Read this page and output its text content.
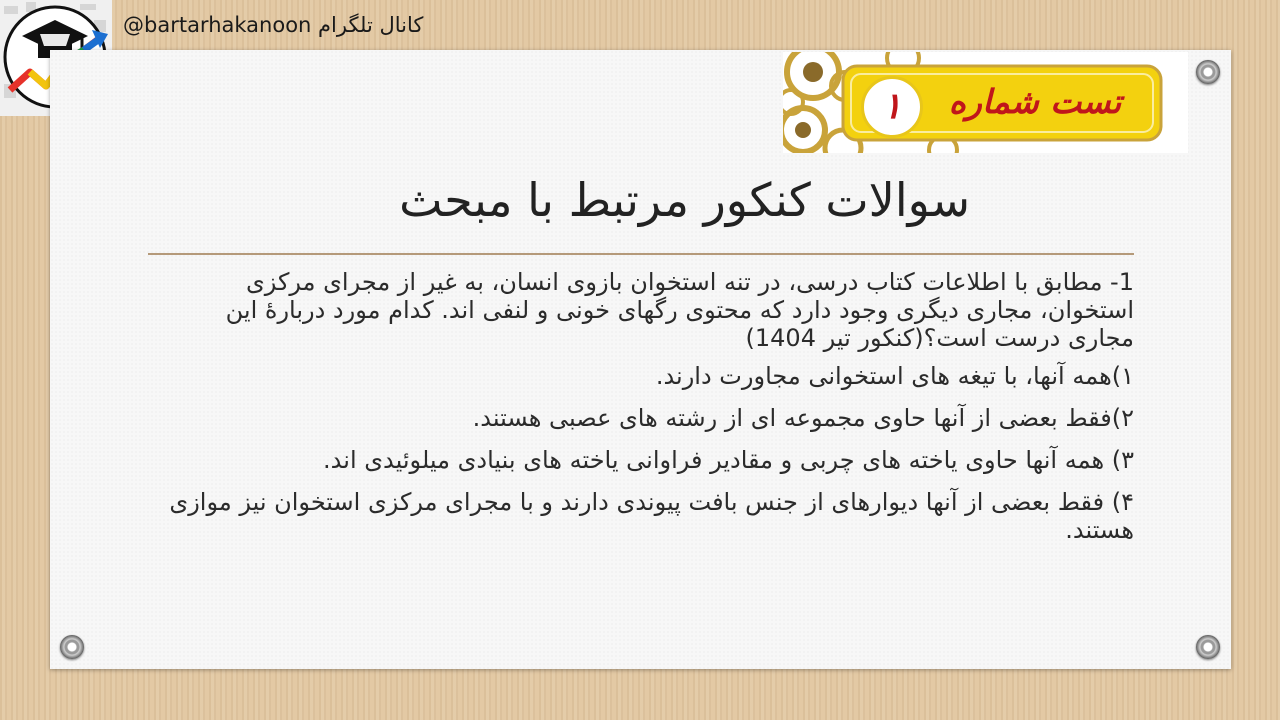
@bartarhakanoon کانال تلگرام
۱	تست شماره
سوالات کنکور مرتبط با مبحث
1- مطابق با اطلاعات کتاب درسی، در تنه استخوان بازوی انسان، به غیر از مجرای مرکزی استخوان، مجاری دیگری وجود دارد که محتوی رگهای خونی و لنفی اند. کدام مورد دربارهٔ این مجاری درست است؟(کنکور تیر 1404)
۱)همه آنها، با تیغه های استخوانی مجاورت دارند.
۲)فقط بعضی از آنها حاوی مجموعه ای از رشته های عصبی هستند.
۳) همه آنها حاوی یاخته های چربی و مقادیر فراوانی یاخته های بنیادی میلوئیدی اند.
۴) فقط بعضی از آنها دیوارهای از جنس بافت پیوندی دارند و با مجرای مرکزی استخوان نیز موازی هستند.
